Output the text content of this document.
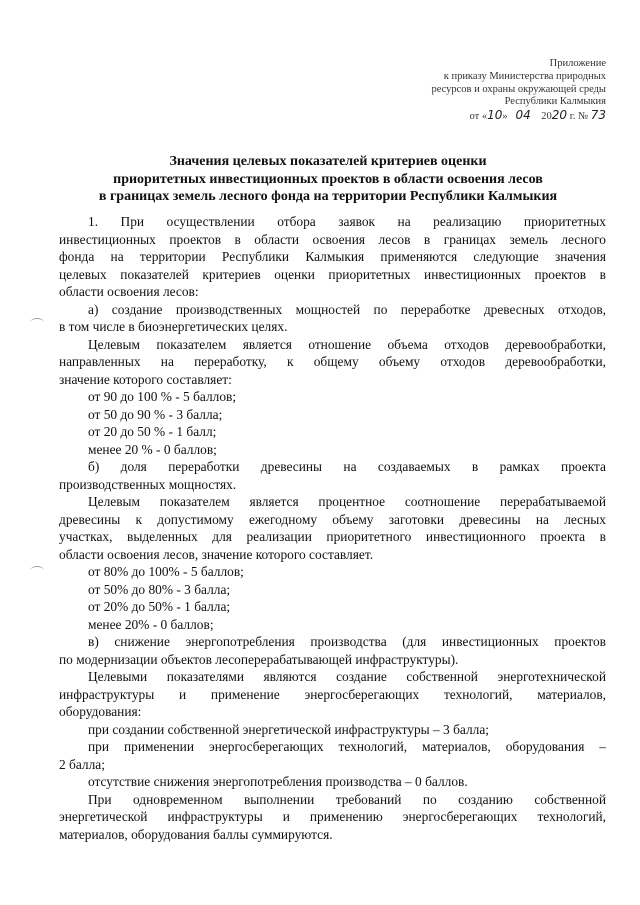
Приложение
к приказу Министерства природных
ресурсов и охраны окружающей среды
Республики Калмыкия
от «10»   04 2020 г. № 73
Значения целевых показателей критериев оценки
приоритетных инвестиционных проектов в области освоения лесов
в границах земель лесного фонда на территории Республики Калмыкия

1. При осуществлении отбора заявок на реализацию приоритетных

инвестиционных проектов в области освоения лесов в границах земель лесного

фонда на территории Республики Калмыкия применяются следующие значения

целевых показателей критериев оценки приоритетных инвестиционных проектов в

области освоения лесов:

а) создание производственных мощностей по переработке древесных отходов,

в том числе в биоэнергетических целях.

Целевым показателем является отношение объема отходов деревообработки,

направленных на переработку, к общему объему отходов деревообработки,

значение которого составляет:

от 90 до 100 % - 5 баллов;

от 50 до 90 % - 3 балла;

от 20 до 50 % - 1 балл;

менее 20 % - 0 баллов;

б) доля переработки древесины на создаваемых в рамках проекта

производственных мощностях.

Целевым показателем является процентное соотношение перерабатываемой

древесины к допустимому ежегодному объему заготовки древесины на лесных

участках, выделенных для реализации приоритетного инвестиционного проекта в

области освоения лесов, значение которого составляет.

от 80% до 100% - 5 баллов;

от 50% до 80% - 3 балла;

от 20% до 50% - 1 балла;

менее 20% - 0 баллов;

в) снижение энергопотребления производства (для инвестиционных проектов

по модернизации объектов лесоперерабатывающей инфраструктуры).

Целевыми показателями являются создание собственной энерготехнической

инфраструктуры и применение энергосберегающих технологий, материалов,

оборудования:

при создании собственной энергетической инфраструктуры – 3 балла;

при применении энергосберегающих технологий, материалов, оборудования –

2 балла;

отсутствие снижения энергопотребления производства – 0 баллов.

При одновременном выполнении требований по созданию собственной

энергетической инфраструктуры и применению энергосберегающих технологий,

материалов, оборудования баллы суммируются.
